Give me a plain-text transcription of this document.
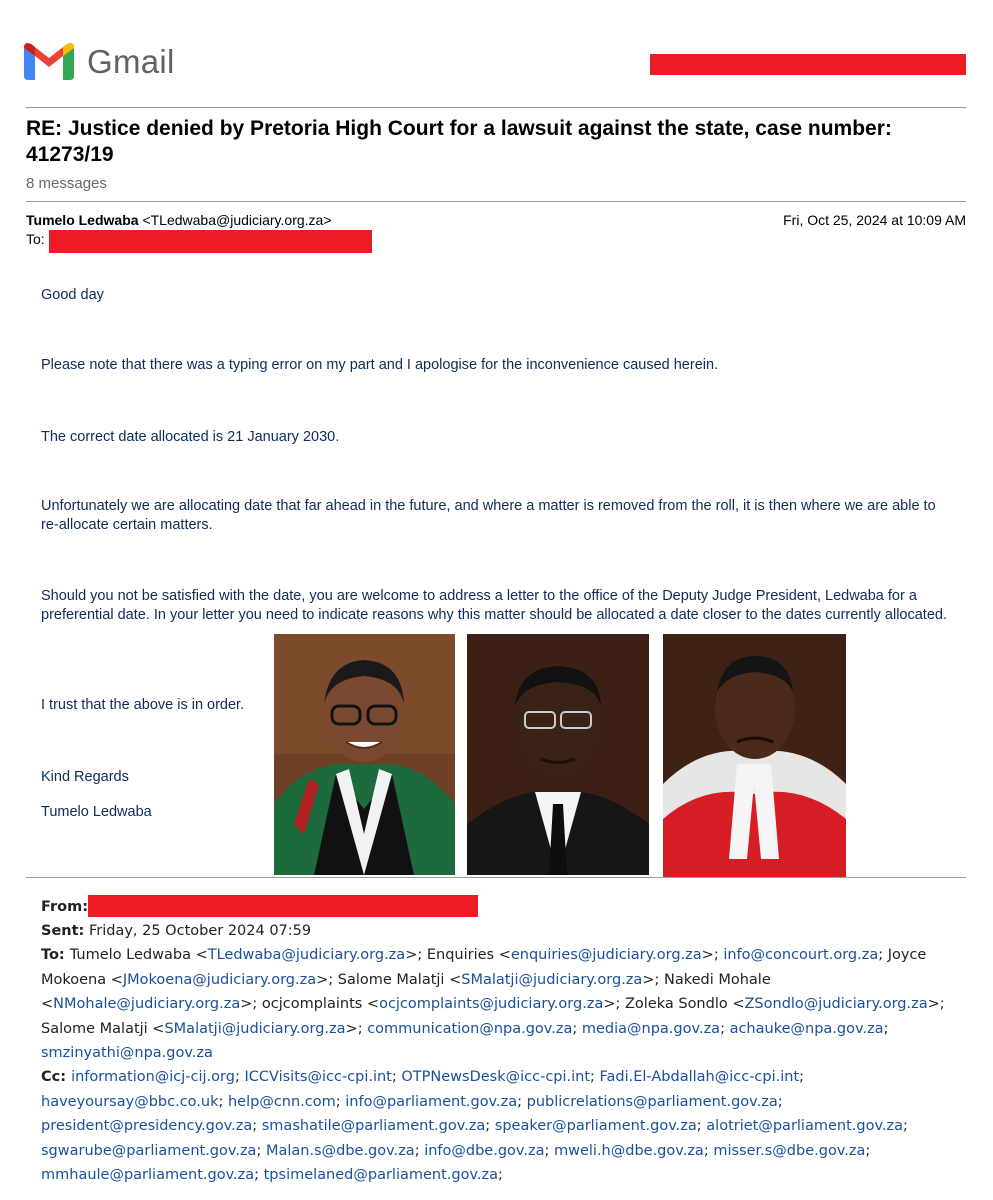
Gmail
RE: Justice denied by Pretoria High Court for a lawsuit against the state, case number: 41273/19
8 messages
Tumelo Ledwaba <TLedwaba@judiciary.org.za>	Fri, Oct 25, 2024 at 10:09 AM
To:
Good day
Please note that there was a typing error on my part and I apologise for the inconvenience caused herein.
The correct date allocated is 21 January 2030.
Unfortunately we are allocating date that far ahead in the future, and where a matter is removed from the roll, it is then where we are able to re-allocate certain matters.
Should you not be satisfied with the date, you are welcome to address a letter to the office of the Deputy Judge President, Ledwaba for a preferential date. In your letter you need to indicate reasons why this matter should be allocated a date closer to the dates currently allocated.
I trust that the above is in order.
Kind Regards
Tumelo Ledwaba
From:
Sent: Friday, 25 October 2024 07:59
To: Tumelo Ledwaba <TLedwaba@judiciary.org.za>; Enquiries <enquiries@judiciary.org.za>; info@concourt.org.za; Joyce Mokoena <JMokoena@judiciary.org.za>; Salome Malatji <SMalatji@judiciary.org.za>; Nakedi Mohale <NMohale@judiciary.org.za>; ocjcomplaints <ocjcomplaints@judiciary.org.za>; Zoleka Sondlo <ZSondlo@judiciary.org.za>; Salome Malatji <SMalatji@judiciary.org.za>; communication@npa.gov.za; media@npa.gov.za; achauke@npa.gov.za; smzinyathi@npa.gov.za
Cc: information@icj-cij.org; ICCVisits@icc-cpi.int; OTPNewsDesk@icc-cpi.int; Fadi.El-Abdallah@icc-cpi.int; haveyoursay@bbc.co.uk; help@cnn.com; info@parliament.gov.za; publicrelations@parliament.gov.za; president@presidency.gov.za; smashatile@parliament.gov.za; speaker@parliament.gov.za; alotriet@parliament.gov.za; sgwarube@parliament.gov.za; Malan.s@dbe.gov.za; info@dbe.gov.za; mweli.h@dbe.gov.za; misser.s@dbe.gov.za; mmhaule@parliament.gov.za; tpsimelaned@parliament.gov.za;
